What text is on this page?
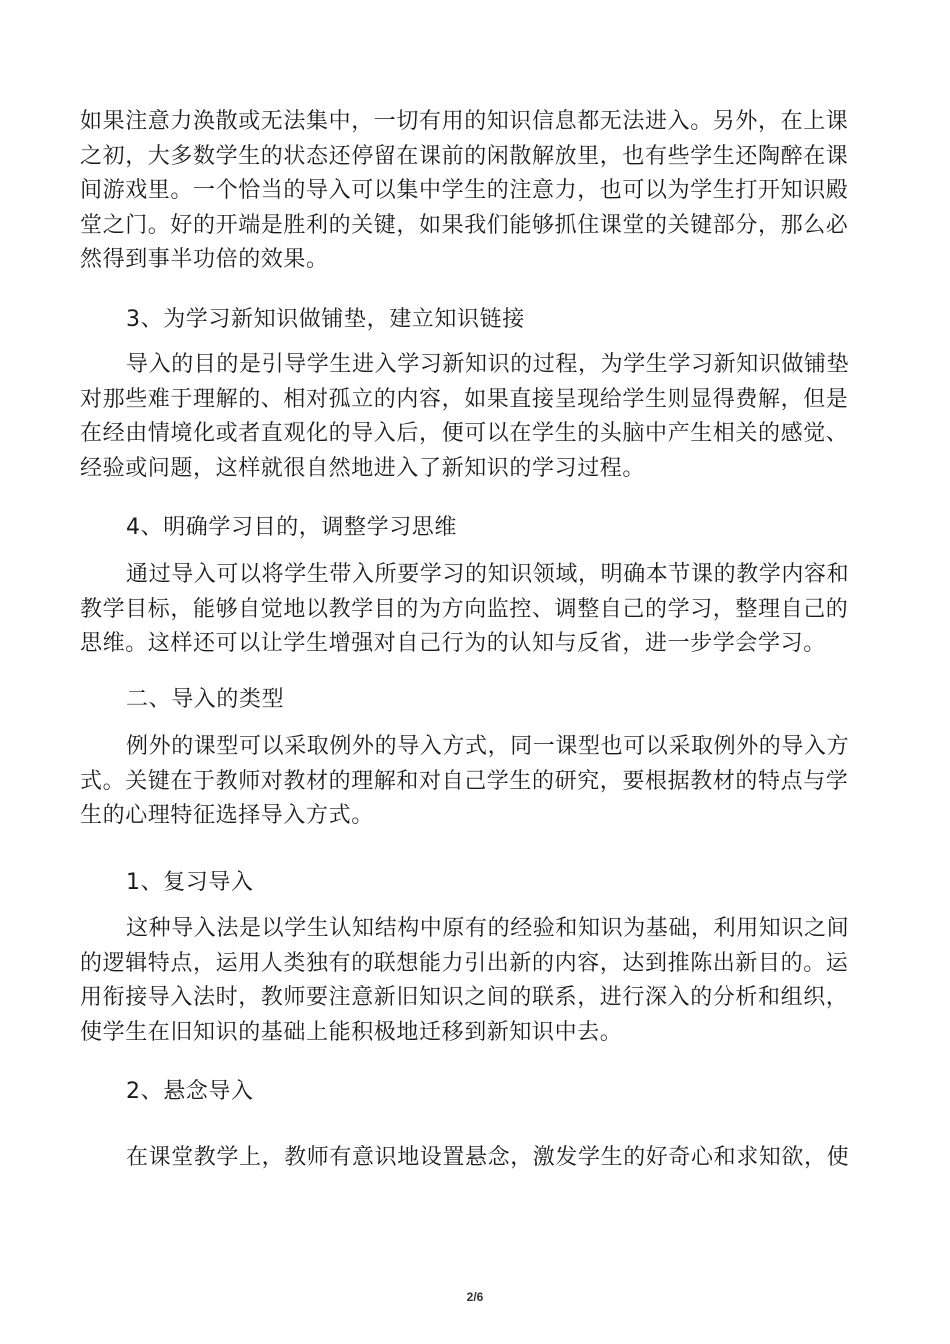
如果注意力涣散或无法集中，一切有用的知识信息都无法进入。另外，在上课
之初，大多数学生的状态还停留在课前的闲散解放里，也有些学生还陶醉在课
间游戏里。一个恰当的导入可以集中学生的注意力，也可以为学生打开知识殿
堂之门。好的开端是胜利的关键，如果我们能够抓住课堂的关键部分，那么必
然得到事半功倍的效果。

3、为学习新知识做铺垫，建立知识链接

导入的目的是引导学生进入学习新知识的过程，为学生学习新知识做铺垫
对那些难于理解的、相对孤立的内容，如果直接呈现给学生则显得费解，但是
在经由情境化或者直观化的导入后，便可以在学生的头脑中产生相关的感觉、
经验或问题，这样就很自然地进入了新知识的学习过程。

4、明确学习目的，调整学习思维

通过导入可以将学生带入所要学习的知识领域，明确本节课的教学内容和
教学目标，能够自觉地以教学目的为方向监控、调整自己的学习，整理自己的
思维。这样还可以让学生增强对自己行为的认知与反省，进一步学会学习。

二、导入的类型

例外的课型可以采取例外的导入方式，同一课型也可以采取例外的导入方
式。关键在于教师对教材的理解和对自己学生的研究，要根据教材的特点与学
生的心理特征选择导入方式。

1、复习导入

这种导入法是以学生认知结构中原有的经验和知识为基础，利用知识之间
的逻辑特点，运用人类独有的联想能力引出新的内容，达到推陈出新目的。运
用衔接导入法时，教师要注意新旧知识之间的联系，进行深入的分析和组织，
使学生在旧知识的基础上能积极地迁移到新知识中去。

2、悬念导入

在课堂教学上，教师有意识地设置悬念，激发学生的好奇心和求知欲，使

2/6
